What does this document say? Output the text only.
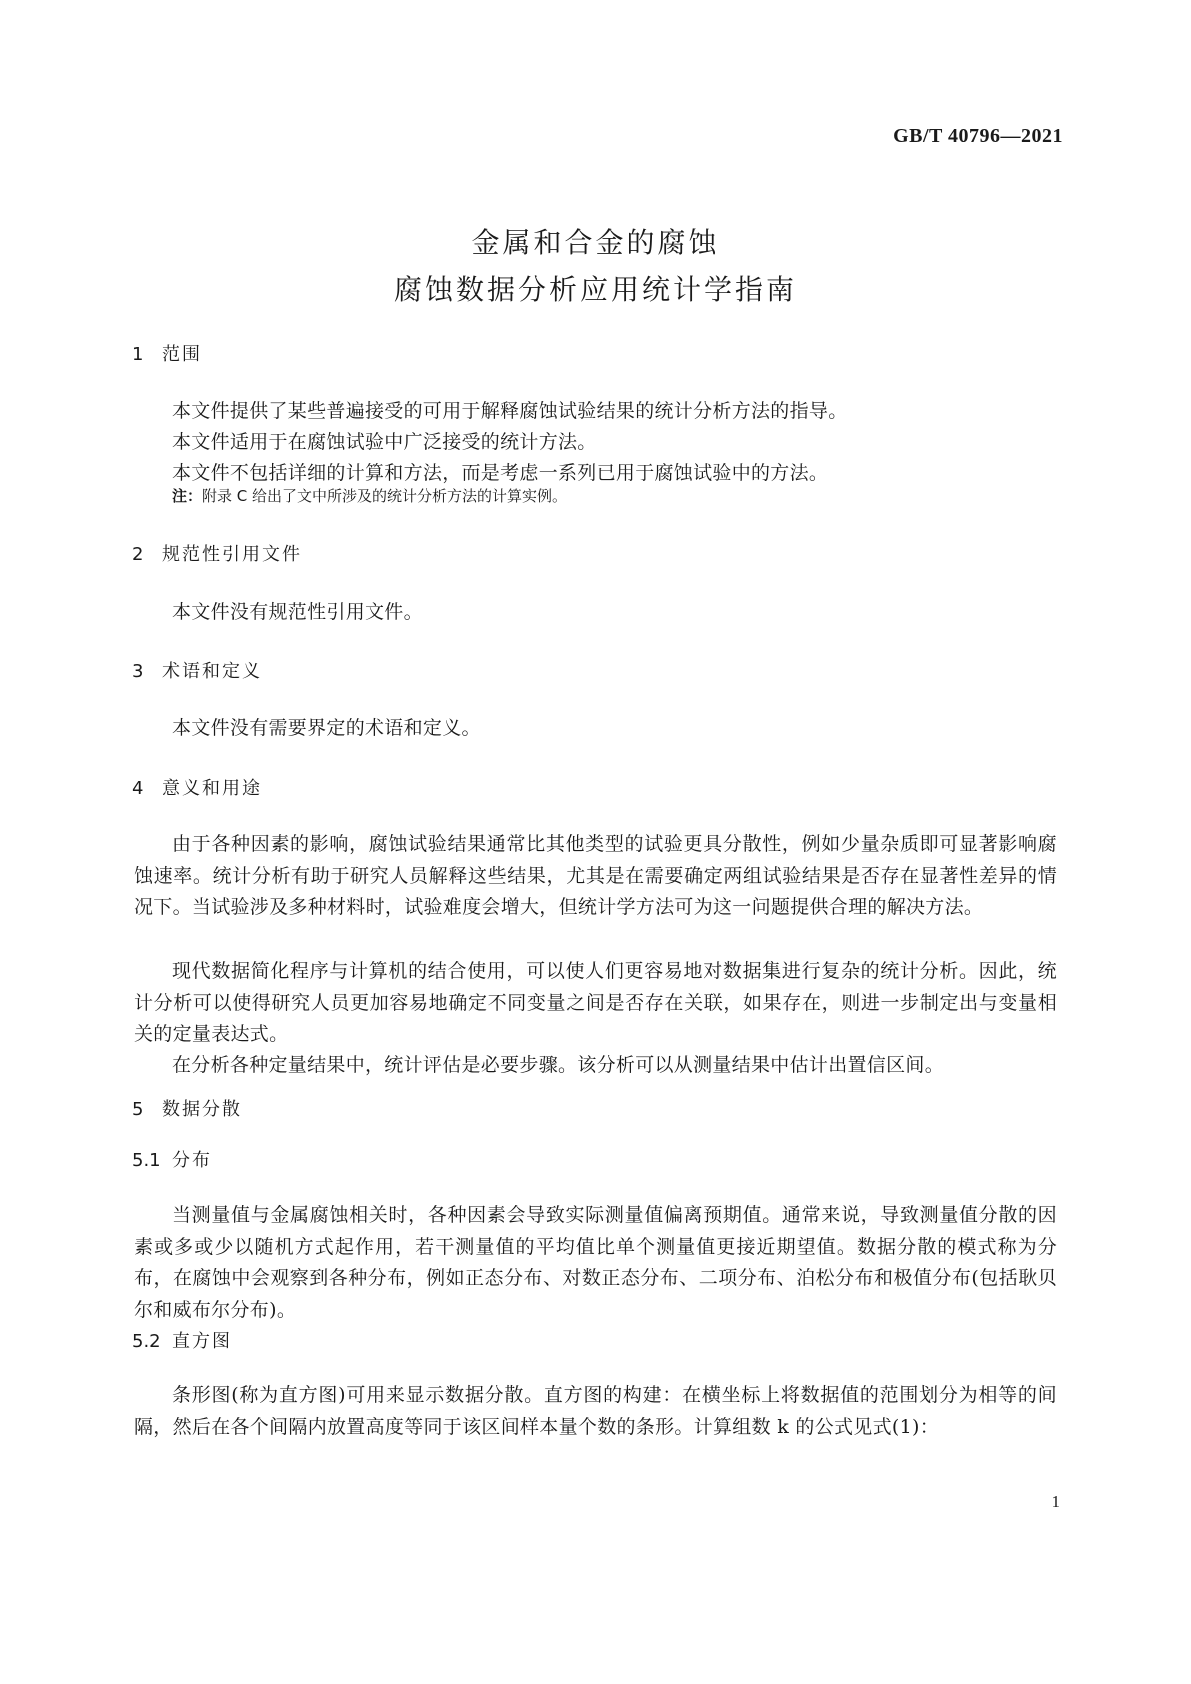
GB/T 40796—2021
金属和合金的腐蚀
腐蚀数据分析应用统计学指南
1 范围
本文件提供了某些普遍接受的可用于解释腐蚀试验结果的统计分析方法的指导。
本文件适用于在腐蚀试验中广泛接受的统计方法。
本文件不包括详细的计算和方法，而是考虑一系列已用于腐蚀试验中的方法。
注：附录 C 给出了文中所涉及的统计分析方法的计算实例。
2 规范性引用文件
本文件没有规范性引用文件。
3 术语和定义
本文件没有需要界定的术语和定义。
4 意义和用途
由于各种因素的影响，腐蚀试验结果通常比其他类型的试验更具分散性，例如少量杂质即可显著影响腐蚀速率。统计分析有助于研究人员解释这些结果，尤其是在需要确定两组试验结果是否存在显著性差异的情况下。当试验涉及多种材料时，试验难度会增大，但统计学方法可为这一问题提供合理的解决方法。
现代数据简化程序与计算机的结合使用，可以使人们更容易地对数据集进行复杂的统计分析。因此，统计分析可以使得研究人员更加容易地确定不同变量之间是否存在关联，如果存在，则进一步制定出与变量相关的定量表达式。
在分析各种定量结果中，统计评估是必要步骤。该分析可以从测量结果中估计出置信区间。
5 数据分散
5.1 分布
当测量值与金属腐蚀相关时，各种因素会导致实际测量值偏离预期值。通常来说，导致测量值分散的因素或多或少以随机方式起作用，若干测量值的平均值比单个测量值更接近期望值。数据分散的模式称为分布，在腐蚀中会观察到各种分布，例如正态分布、对数正态分布、二项分布、泊松分布和极值分布(包括耿贝尔和威布尔分布)。
5.2 直方图
条形图(称为直方图)可用来显示数据分散。直方图的构建：在横坐标上将数据值的范围划分为相等的间隔，然后在各个间隔内放置高度等同于该区间样本量个数的条形。计算组数 k 的公式见式(1)：
1
